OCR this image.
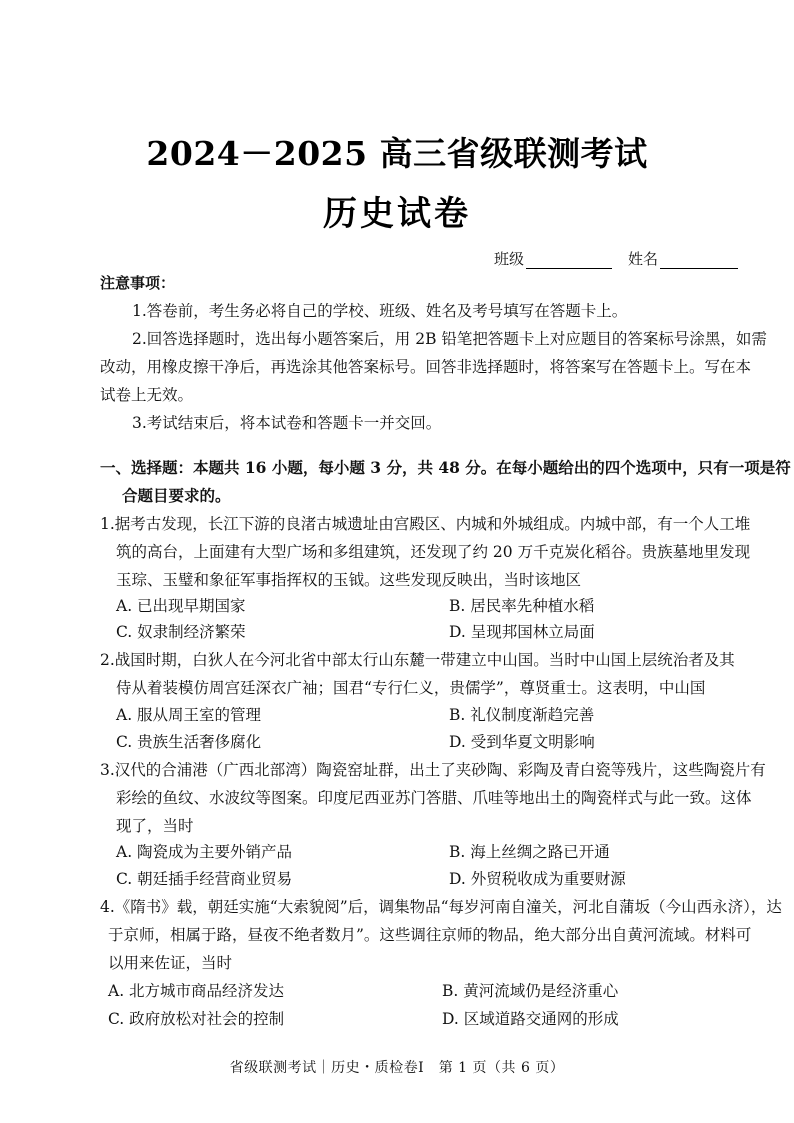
2024－2025 高三省级联测考试
历史试卷
班级	姓名
注意事项：
1.答卷前，考生务必将自己的学校、班级、姓名及考号填写在答题卡上。
2.回答选择题时，选出每小题答案后，用 2B 铅笔把答题卡上对应题目的答案标号涂黑，如需
改动，用橡皮擦干净后，再选涂其他答案标号。回答非选择题时，将答案写在答题卡上。写在本
试卷上无效。
3.考试结束后，将本试卷和答题卡一并交回。
一、选择题：本题共 16 小题，每小题 3 分，共 48 分。在每小题给出的四个选项中，只有一项是符
合题目要求的。
1.据考古发现，长江下游的良渚古城遗址由宫殿区、内城和外城组成。内城中部，有一个人工堆
筑的高台，上面建有大型广场和多组建筑，还发现了约 20 万千克炭化稻谷。贵族墓地里发现
玉琮、玉璧和象征军事指挥权的玉钺。这些发现反映出，当时该地区
A. 已出现早期国家	B. 居民率先种植水稻
C. 奴隶制经济繁荣	D. 呈现邦国林立局面
2.战国时期，白狄人在今河北省中部太行山东麓一带建立中山国。当时中山国上层统治者及其
侍从着装模仿周宫廷深衣广袖；国君“专行仁义，贵儒学”，尊贤重士。这表明，中山国
A. 服从周王室的管理	B. 礼仪制度渐趋完善
C. 贵族生活奢侈腐化	D. 受到华夏文明影响
3.汉代的合浦港（广西北部湾）陶瓷窑址群，出土了夹砂陶、彩陶及青白瓷等残片，这些陶瓷片有
彩绘的鱼纹、水波纹等图案。印度尼西亚苏门答腊、爪哇等地出土的陶瓷样式与此一致。这体
现了，当时
A. 陶瓷成为主要外销产品	B. 海上丝绸之路已开通
C. 朝廷插手经营商业贸易	D. 外贸税收成为重要财源
4.《隋书》载，朝廷实施“大索貌阅”后，调集物品“每岁河南自潼关，河北自蒲坂（今山西永济），达
于京师，相属于路，昼夜不绝者数月”。这些调往京师的物品，绝大部分出自黄河流域。材料可
以用来佐证，当时
A. 北方城市商品经济发达	B. 黄河流域仍是经济重心
C. 政府放松对社会的控制	D. 区域道路交通网的形成
省级联测考试｜历史・质检卷Ⅰ　第 1 页（共 6 页）
